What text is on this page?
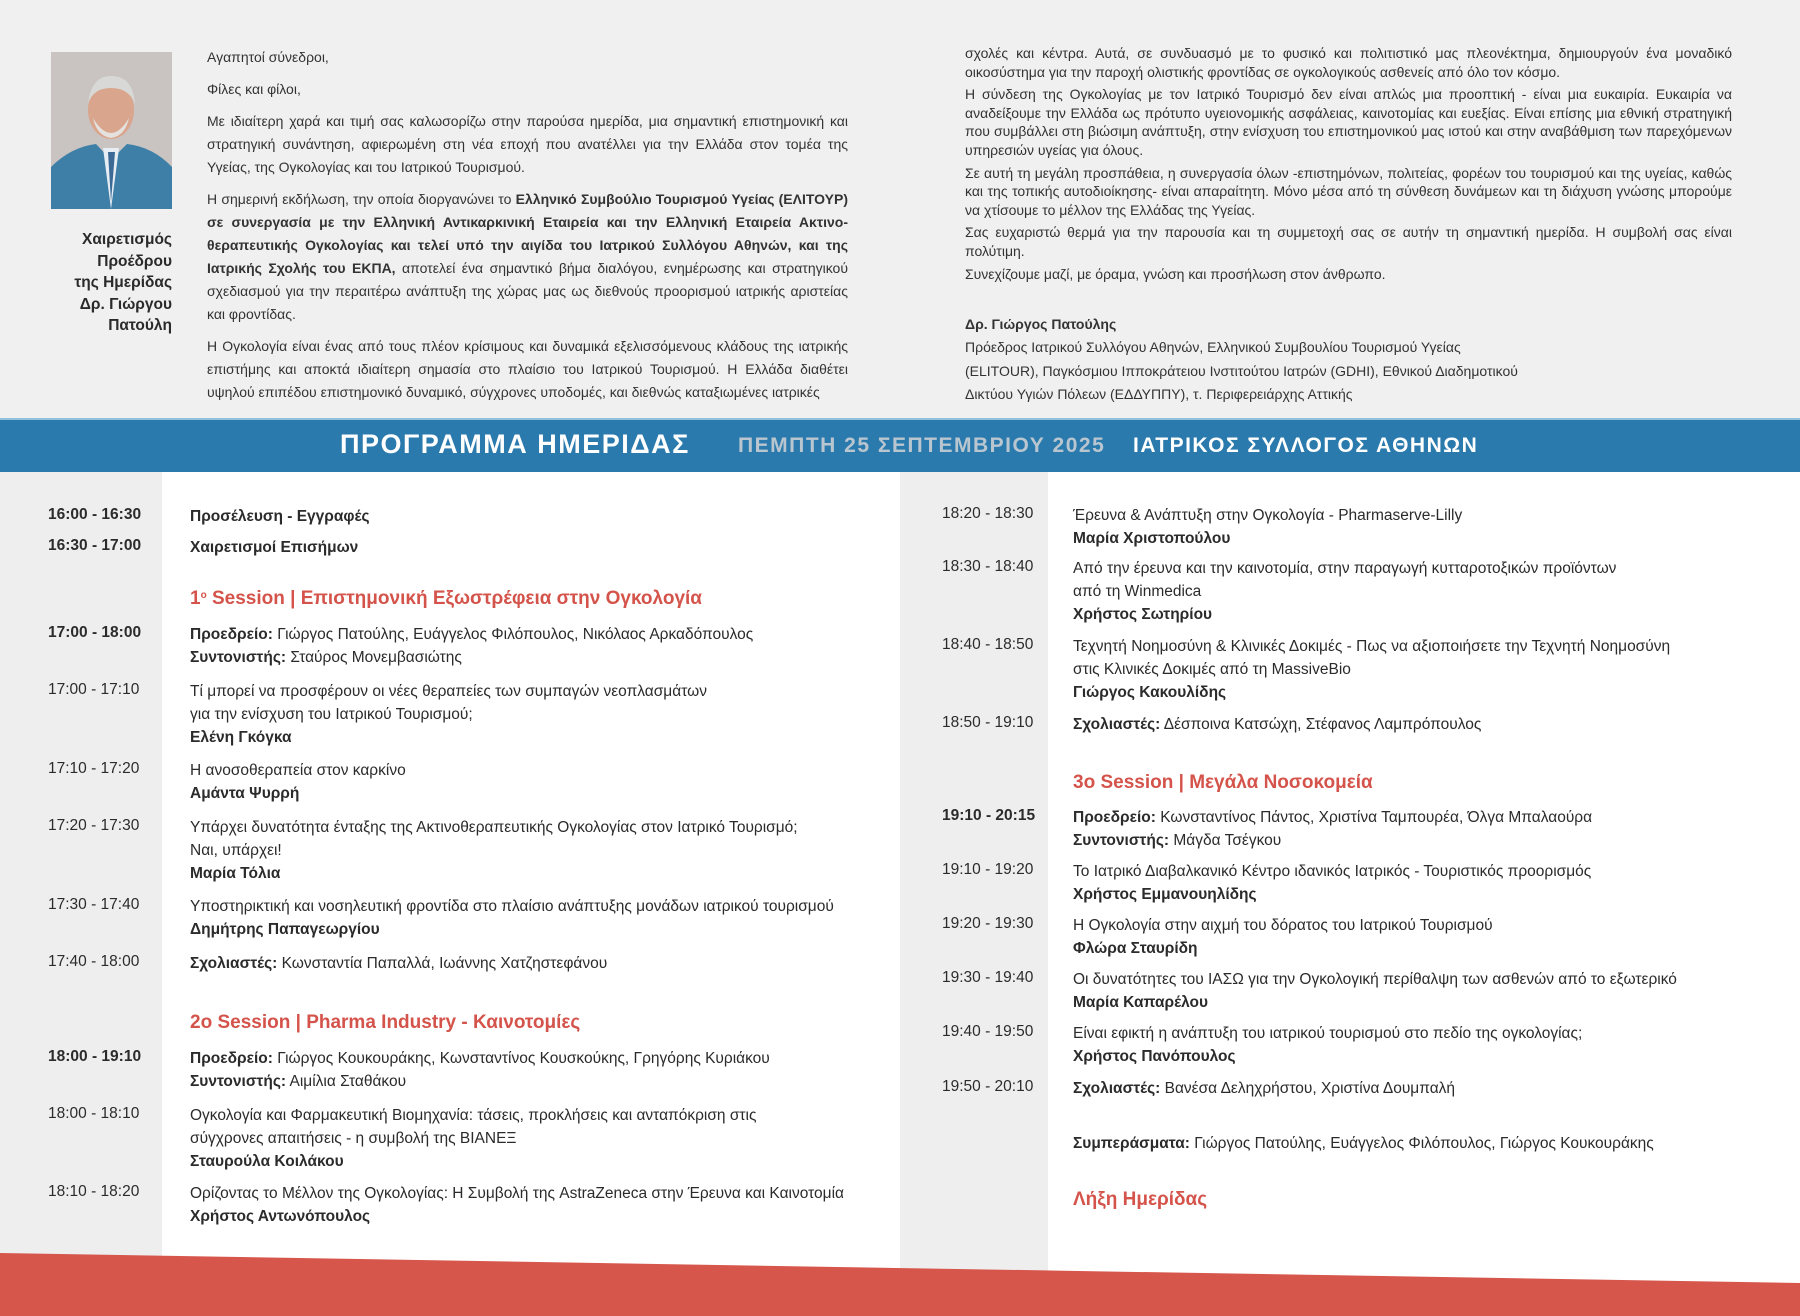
Χαιρετισμός
Προέδρου
της Ημερίδας
Δρ. Γιώργου
Πατούλη

Αγαπητοί σύνεδροι,

Φίλες και φίλοι,

Με ιδιαίτερη χαρά και τιμή σας καλωσορίζω στην παρούσα ημερίδα, μια σημαντική επιστημονική και στρατηγική συνάντηση, αφιερωμένη στη νέα εποχή που ανατέλλει για την Ελλάδα στον τομέα της Υγείας, της Ογκολογίας και του Ιατρικού Τουρισμού.

Η σημερινή εκδήλωση, την οποία διοργανώνει το Ελληνικό Συμβούλιο Τουρισμού Υγείας (ΕΛΙΤΟΥΡ) σε συνεργασία με την Ελληνική Αντικαρκινική Εταιρεία και την Ελληνική Εταιρεία Ακτινο-θεραπευτικής Ογκολογίας και τελεί υπό την αιγίδα του Ιατρικού Συλλόγου Αθηνών, και της Ιατρικής Σχολής του ΕΚΠΑ, αποτελεί ένα σημαντικό βήμα διαλόγου, ενημέρωσης και στρατηγικού σχεδιασμού για την περαιτέρω ανάπτυξη της χώρας μας ως διεθνούς προορισμού ιατρικής αριστείας και φροντίδας.

Η Ογκολογία είναι ένας από τους πλέον κρίσιμους και δυναμικά εξελισσόμενους κλάδους της ιατρικής επιστήμης και αποκτά ιδιαίτερη σημασία στο πλαίσιο του Ιατρικού Τουρισμού. Η Ελλάδα διαθέτει υψηλού επιπέδου επιστημονικό δυναμικό, σύγχρονες υποδομές, και διεθνώς καταξιωμένες ιατρικές

σχολές και κέντρα. Αυτά, σε συνδυασμό με το φυσικό και πολιτιστικό μας πλεονέκτημα, δημιουργούν ένα μοναδικό οικοσύστημα για την παροχή ολιστικής φροντίδας σε ογκολογικούς ασθενείς από όλο τον κόσμο.

Η σύνδεση της Ογκολογίας με τον Ιατρικό Τουρισμό δεν είναι απλώς μια προοπτική - είναι μια ευκαιρία. Ευκαιρία να αναδείξουμε την Ελλάδα ως πρότυπο υγειονομικής ασφάλειας, καινοτομίας και ευεξίας. Είναι επίσης μια εθνική στρατηγική που συμβάλλει στη βιώσιμη ανάπτυξη, στην ενίσχυση του επιστημονικού μας ιστού και στην αναβάθμιση των παρεχόμενων υπηρεσιών υγείας για όλους.

Σε αυτή τη μεγάλη προσπάθεια, η συνεργασία όλων -επιστημόνων, πολιτείας, φορέων του τουρισμού και της υγείας, καθώς και της τοπικής αυτοδιοίκησης- είναι απαραίτητη. Μόνο μέσα από τη σύνθεση δυνάμεων και τη διάχυση γνώσης μπορούμε να χτίσουμε το μέλλον της Ελλάδας της Υγείας.

Σας ευχαριστώ θερμά για την παρουσία και τη συμμετοχή σας σε αυτήν τη σημαντική ημερίδα. Η συμβολή σας είναι πολύτιμη.

Συνεχίζουμε μαζί, με όραμα, γνώση και προσήλωση στον άνθρωπο.

Δρ. Γιώργος Πατούλης
Πρόεδρος Ιατρικού Συλλόγου Αθηνών, Ελληνικού Συμβουλίου Τουρισμού Υγείας
(ELITOUR), Παγκόσμιου Ιπποκράτειου Ινστιτούτου Ιατρών (GDHI), Εθνικού Διαδημοτικού
Δικτύου Υγιών Πόλεων (ΕΔΔΥΠΠΥ), τ. Περιφερειάρχης Αττικής
ΠΡΟΓΡΑΜΜΑ ΗΜΕΡΙΔΑΣ ΠΕΜΠΤΗ 25 ΣΕΠΤΕΜΒΡΙΟΥ 2025 ΙΑΤΡΙΚΟΣ ΣΥΛΛΟΓΟΣ ΑΘΗΝΩΝ
16:00 - 16:30	Προσέλευση - Εγγραφές
16:30 - 17:00	Χαιρετισμοί Επισήμων
$1^o$ Session | Επιστημονική Εξωστρέφεια στην Ογκολογία
17:00 - 18:00	Προεδρείο: Γιώργος Πατούλης, Ευάγγελος Φιλόπουλος, Νικόλαος Αρκαδόπουλος
Συντονιστής: Σταύρος Μονεμβασιώτης
17:00 - 17:10	Τί μπορεί να προσφέρουν οι νέες θεραπείες των συμπαγών νεοπλασμάτων
για την ενίσχυση του Ιατρικού Τουρισμού;
Ελένη Γκόγκα
17:10 - 17:20	Η ανοσοθεραπεία στον καρκίνο
Αμάντα Ψυρρή
17:20 - 17:30	Υπάρχει δυνατότητα ένταξης της Ακτινοθεραπευτικής Ογκολογίας στον Ιατρικό Τουρισμό;
Ναι, υπάρχει!
Μαρία Τόλια
17:30 - 17:40	Υποστηρικτική και νοσηλευτική φροντίδα στο πλαίσιο ανάπτυξης μονάδων ιατρικού τουρισμού
Δημήτρης Παπαγεωργίου
17:40 - 18:00	Σχολιαστές: Κωνσταντία Παπαλλά, Ιωάννης Χατζηστεφάνου
2ο Session | Pharma Industry - Καινοτομίες
18:00 - 19:10	Προεδρείο: Γιώργος Κουκουράκης, Κωνσταντίνος Κουσκούκης, Γρηγόρης Κυριάκου
Συντονιστής: Αιμίλια Σταθάκου
18:00 - 18:10	Ογκολογία και Φαρμακευτική Βιομηχανία: τάσεις, προκλήσεις και ανταπόκριση στις
σύγχρονες απαιτήσεις - η συμβολή της ΒΙΑΝΕΞ
Σταυρούλα Κοιλάκου
18:10 - 18:20	Ορίζοντας το Μέλλον της Ογκολογίας: Η Συμβολή της AstraZeneca στην Έρευνα και Καινοτομία
Χρήστος Αντωνόπουλος
18:20 - 18:30	Έρευνα & Ανάπτυξη στην Ογκολογία - Pharmaserve-Lilly
Μαρία Χριστοπούλου
18:30 - 18:40	Από την έρευνα και την καινοτομία, στην παραγωγή κυτταροτοξικών προϊόντων
από τη Winmedica
Χρήστος Σωτηρίου
18:40 - 18:50	Τεχνητή Νοημοσύνη & Κλινικές Δοκιμές - Πως να αξιοποιήσετε την Τεχνητή Νοημοσύνη
στις Κλινικές Δοκιμές από τη MassiveBio
Γιώργος Κακουλίδης
18:50 - 19:10	Σχολιαστές: Δέσποινα Κατσώχη, Στέφανος Λαμπρόπουλος
3ο Session | Μεγάλα Νοσοκομεία
19:10 - 20:15 Προεδρείο: Κωνσταντίνος Πάντος, Χριστίνα Ταμπουρέα, Όλγα Μπαλαούρα
Συντονιστής: Μάγδα Τσέγκου
19:10 - 19:20	Το Ιατρικό Διαβαλκανικό Κέντρο ιδανικός Ιατρικός - Τουριστικός προορισμός
Χρήστος Εμμανουηλίδης
19:20 - 19:30	Η Ογκολογία στην αιχμή του δόρατος του Ιατρικού Τουρισμού
Φλώρα Σταυρίδη
19:30 - 19:40	Οι δυνατότητες του ΙΑΣΩ για την Ογκολογική περίθαλψη των ασθενών από το εξωτερικό
Μαρία Καπαρέλου
19:40 - 19:50	Είναι εφικτή η ανάπτυξη του ιατρικού τουρισμού στο πεδίο της ογκολογίας;
Χρήστος Πανόπουλος
19:50 - 20:10	Σχολιαστές: Βανέσα Δεληχρήστου, Χριστίνα Δουμπαλή
Συμπεράσματα: Γιώργος Πατούλης, Ευάγγελος Φιλόπουλος, Γιώργος Κουκουράκης
Λήξη Ημερίδας
